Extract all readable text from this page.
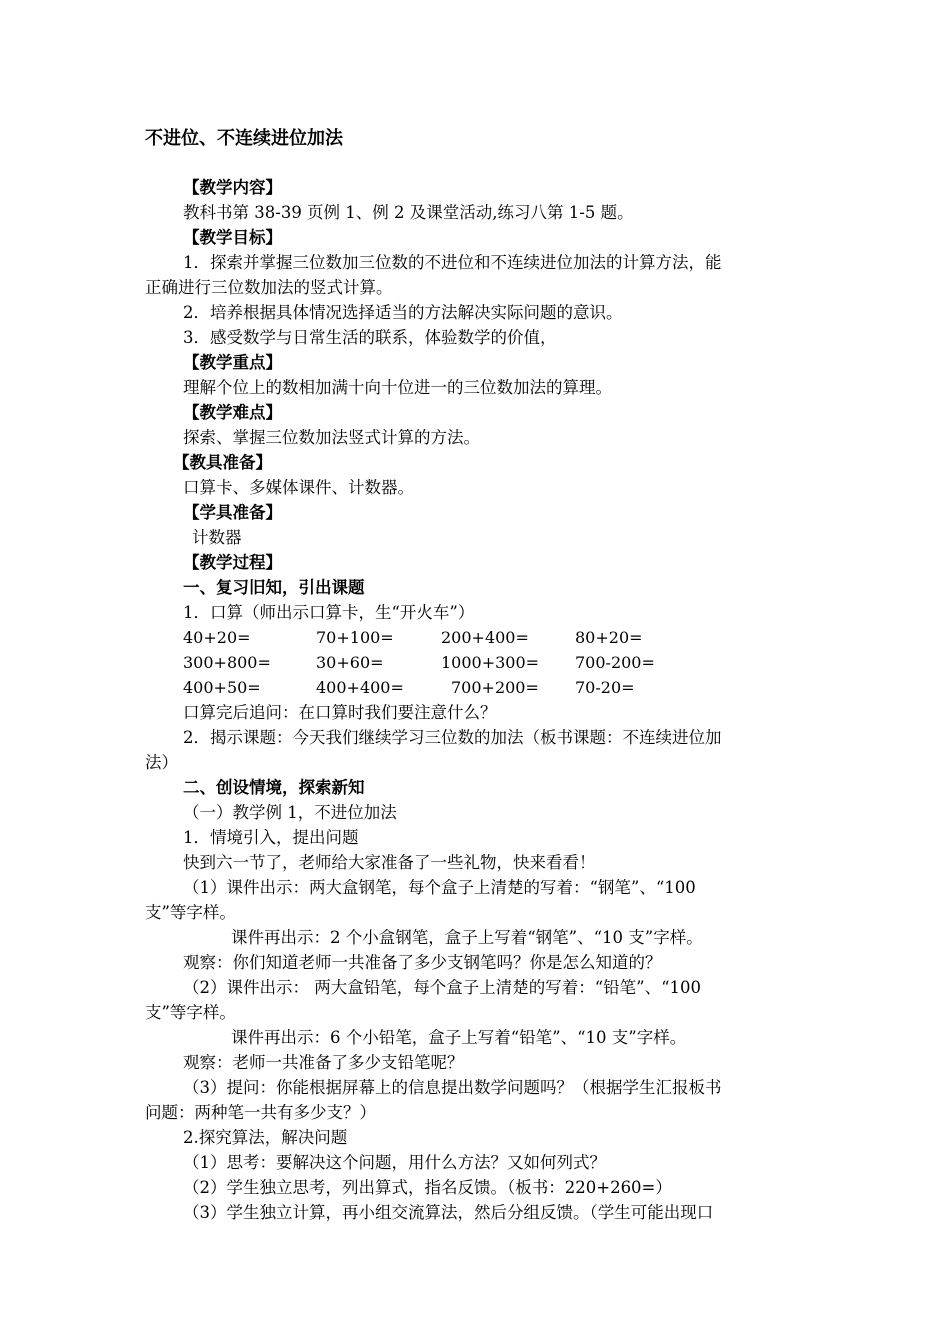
不进位、不连续进位加法
【教学内容】
教科书第 38-39 页例 1、例 2 及课堂活动,练习八第 1-5 题。
【教学目标】
1．探索并掌握三位数加三位数的不进位和不连续进位加法的计算方法，能
正确进行三位数加法的竖式计算。
2．培养根据具体情况选择适当的方法解决实际问题的意识。
3．感受数学与日常生活的联系，体验数学的价值，
【教学重点】
理解个位上的数相加满十向十位进一的三位数加法的算理。
【教学难点】
探索、掌握三位数加法竖式计算的方法。
【教具准备】
口算卡、多媒体课件、计数器。
【学具准备】
计数器
【教学过程】
一、复习旧知，引出课题
1．口算（师出示口算卡，生“开火车”）
40+20=	70+100=	200+400=	80+20=
300+800=	30+60=	1000+300= 700-200=
400+50=	400+400=	700+200= 70-20=
口算完后追问：在口算时我们要注意什么？
2．揭示课题：今天我们继续学习三位数的加法（板书课题：不连续进位加
法）
二、创设情境，探索新知
（一）教学例 1，不进位加法
1．情境引入，提出问题
快到六一节了，老师给大家准备了一些礼物，快来看看！
（1）课件出示：两大盒钢笔，每个盒子上清楚的写着：“钢笔”、“100
支”等字样。
课件再出示：2 个小盒钢笔，盒子上写着“钢笔”、“10 支”字样。
观察：你们知道老师一共准备了多少支钢笔吗？你是怎么知道的？
（2）课件出示： 两大盒铅笔，每个盒子上清楚的写着：“铅笔”、“100
支”等字样。
课件再出示：6 个小铅笔，盒子上写着“铅笔”、“10 支”字样。
观察：老师一共准备了多少支铅笔呢？
（3）提问：你能根据屏幕上的信息提出数学问题吗？（根据学生汇报板书
问题：两种笔一共有多少支？）
2.探究算法，解决问题
（1）思考：要解决这个问题，用什么方法？又如何列式？
（2）学生独立思考，列出算式，指名反馈。（板书：220+260=）
（3）学生独立计算，再小组交流算法，然后分组反馈。（学生可能出现口
